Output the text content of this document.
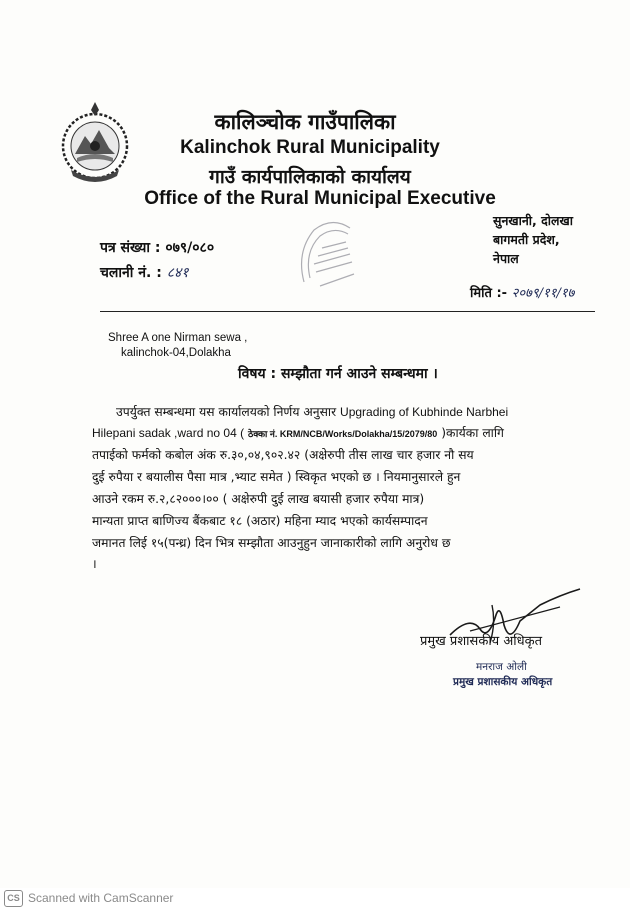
कालिञ्चोक गाउँपालिका
Kalinchok Rural Municipality
गाउँ कार्यपालिकाको कार्यालय
Office of the Rural Municipal Executive
सुनखानी, दोलखा
बागमती प्रदेश,
नेपाल
पत्र संख्या : ०७९/०८०
चलानी नं. : ८४१
मिति :- २०७९/११/१७
Shree A one Nirman sewa ,
kalinchok-04,Dolakha
विषय : सम्झौता गर्न आउने सम्बन्धमा ।
उपर्युक्त सम्बन्धमा यस कार्यालयको निर्णय अनुसार Upgrading of Kubhinde Narbhei
Hilepani sadak ,ward no 04 ( ठेक्का नं. KRM/NCB/Works/Dolakha/15/2079/80 )कार्यका लागि
तपाईको फर्मको कबोल अंक रु.३०,०४,९०२.४२ (अक्षेरुपी तीस लाख चार हजार नौ सय
दुई रुपैया र बयालीस पैसा मात्र ,भ्याट समेत ) स्विकृत भएको छ । नियमानुसारले हुन
आउने रकम रु.२,८२०००।०० ( अक्षेरुपी दुई लाख बयासी हजार रुपैया मात्र)
मान्यता प्राप्त बाणिज्य बैंकबाट १८ (अठार) महिना म्याद भएको कार्यसम्पादन
जमानत लिई १५(पन्ध्र) दिन भित्र सम्झौता आउनुहुन जानाकारीको लागि अनुरोध छ
।
प्रमुख प्रशासकीय अधिकृत
मनराज ओली
प्रमुख प्रशासकीय अधिकृत
CS Scanned with CamScanner
